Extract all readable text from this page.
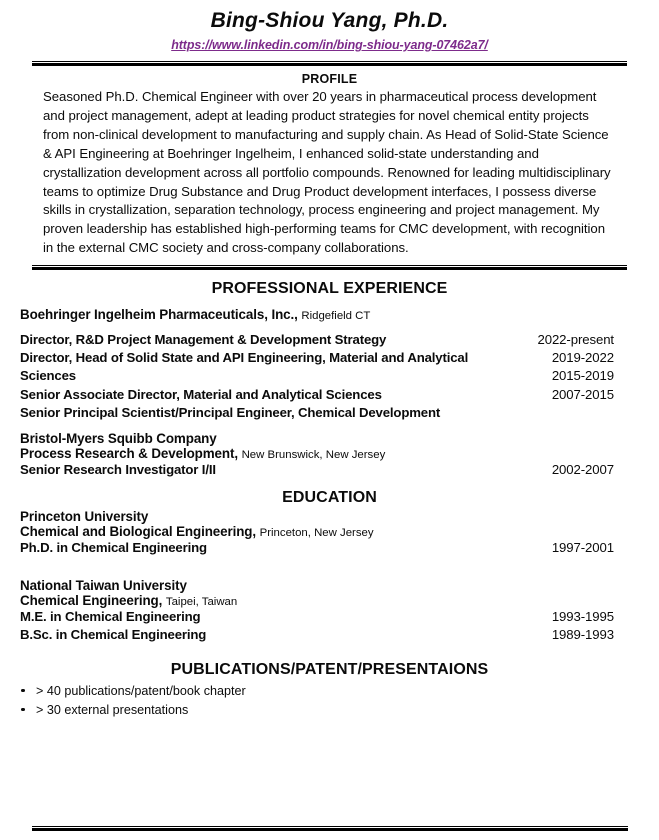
Bing-Shiou Yang, Ph.D.
https://www.linkedin.com/in/bing-shiou-yang-07462a7/
PROFILE
Seasoned Ph.D. Chemical Engineer with over 20 years in pharmaceutical process development and project management, adept at leading product strategies for novel chemical entity projects from non-clinical development to manufacturing and supply chain. As Head of Solid-State Science & API Engineering at Boehringer Ingelheim, I enhanced solid-state understanding and crystallization development across all portfolio compounds. Renowned for leading multidisciplinary teams to optimize Drug Substance and Drug Product development interfaces, I possess diverse skills in crystallization, separation technology, process engineering and project management. My proven leadership has established high-performing teams for CMC development, with recognition in the external CMC society and cross-company collaborations.
PROFESSIONAL EXPERIENCE
Boehringer Ingelheim Pharmaceuticals, Inc., Ridgefield CT
Director, R&D Project Management & Development Strategy	2022-present
Director, Head of Solid State and API Engineering, Material and Analytical	2019-2022
Sciences	2015-2019
Senior Associate Director, Material and Analytical Sciences	2007-2015
Senior Principal Scientist/Principal Engineer, Chemical Development
Bristol-Myers Squibb Company
Process Research & Development, New Brunswick, New Jersey
Senior Research Investigator I/II	2002-2007
EDUCATION
Princeton University
Chemical and Biological Engineering, Princeton, New Jersey
Ph.D. in Chemical Engineering	1997-2001
National Taiwan University
Chemical Engineering, Taipei, Taiwan
M.E. in Chemical Engineering	1993-1995
B.Sc. in Chemical Engineering	1989-1993
PUBLICATIONS/PATENT/PRESENTAIONS
> 40 publications/patent/book chapter
> 30 external presentations
